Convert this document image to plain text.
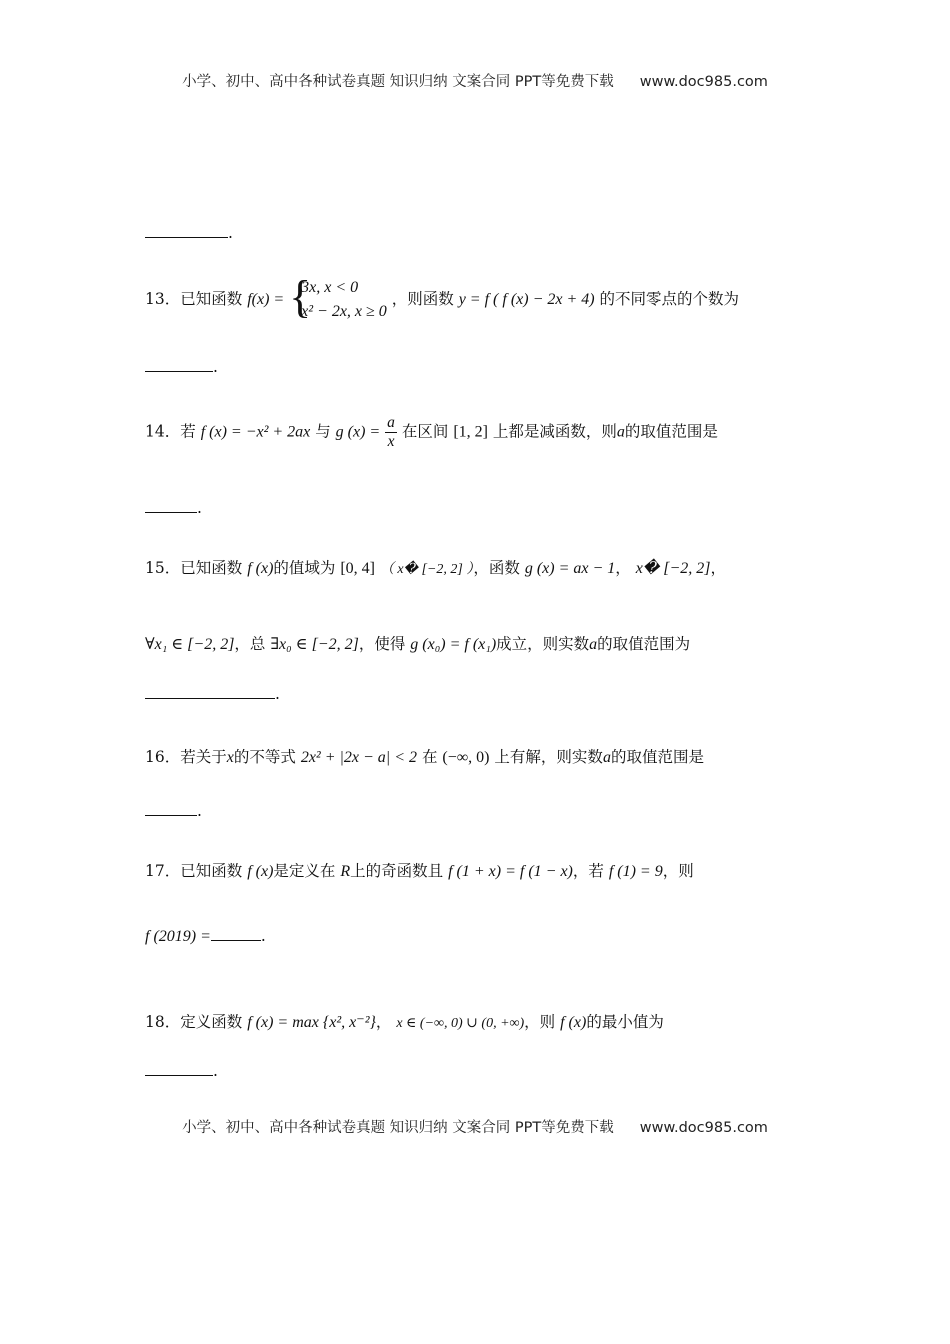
小学、初中、高中各种试卷真题 知识归纳 文案合同 PPT等免费下载 www.doc985.com
.
13．已知函数 f(x) = {
3x, x < 0
x² − 2x, x ≥ 0
，则函数 y = f ( f (x) − 2x + 4) 的不同零点的个数为
.
14．若 f (x) = −x² + 2ax 与 g $(x) = \frac{a}{x}$ 在区间 [1, 2] 上都是减函数，则a的取值范围是
.
15．已知函数 f (x)的值域为 [0, 4] （ x� [−2, 2] ），函数 g (x) = ax − 1， x� [−2, 2]，
∀x₁ ∈ [−2, 2]，总 ∃x₀ ∈ [−2, 2]，使得 g (x₀) = f (x₁)成立，则实数a的取值范围为
.
16．若关于x的不等式 2x² + |2x − a| < 2 在 (−∞, 0) 上有解，则实数a的取值范围是
.
17．已知函数 f (x)是定义在 R上的奇函数且 f (1 + x) = f (1 − x)，若 f (1) = 9，则
f (2019) =	.
18．定义函数 f (x) = max {x², x⁻²}， x ∈ (−∞, 0) ∪ (0, +∞)，则 f (x)的最小值为
.
小学、初中、高中各种试卷真题 知识归纳 文案合同 PPT等免费下载 www.doc985.com
